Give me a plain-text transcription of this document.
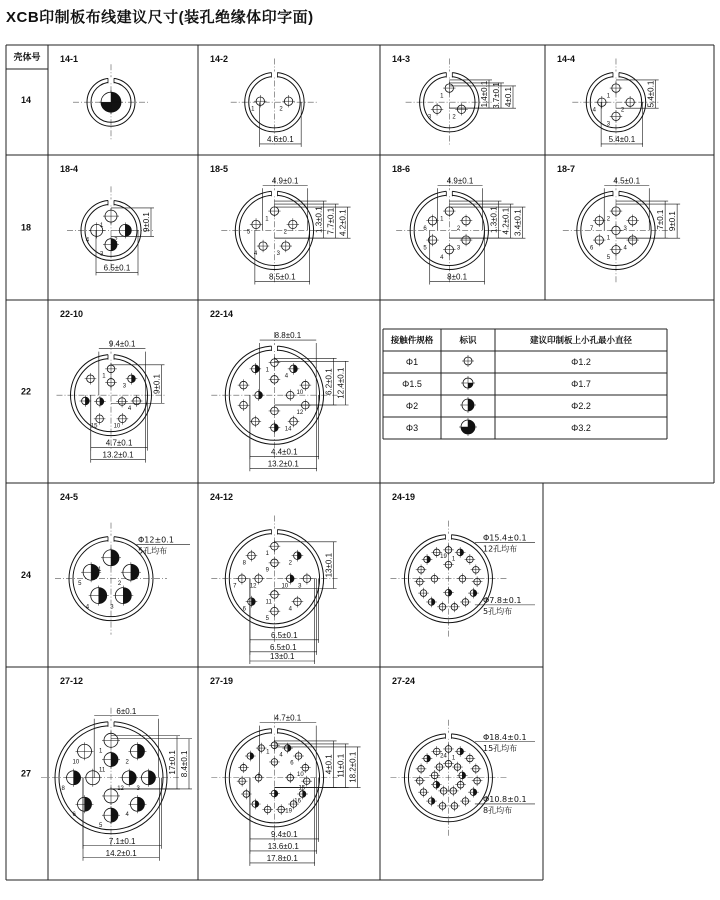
XCB印制板布线建议尺寸(装孔绝缘体印字面)
壳体号
14
14-1	14-2
1	2
4.6±0.1
14-3
1
2
3
1.4±0.1 3.7±0.1 4±0.1
14-4
1
2
3
4
5.4±0.1
5.4±0.1
18
18-4
1
2
3
4
9±0.1
6.5±0.1
18-5
1
2
3
4
5
4.9±0.1
1.3±0.1 7.7±0.1 4.2±0.1
8.5±0.1
18-6
1
2
3
4
5
6
4.9±0.1
1.3±0.1 4.2±0.1 3.4±0.1
8±0.1
18-7
1
2
3
4
5
6
7
4.5±0.1
7±0.1 9±0.1
22
22-10
1
3
4
10
15
9.4±0.1
9±0.1
4.7±0.1
13.2±0.1
22-14
1
4
10
12
14
8.8±0.1
6.2±0.1 12.4±0.1
4.4±0.1
13.2±0.1
24
24-5
1
2
3
4
5
Φ12±0.1
5孔均布
24-12
1
2
3
4
5
6
7
8
9
10
11
12
6.5±0.1
13±0.1
6.5±0.1
13±0.1
24-19
19 1
Φ15.4±0.1
12孔均布
Φ7.8±0.1
5孔均布
27
27-12
1
2
3
4
5
6
8
10
11
12
6±0.1
17±0.1 8.4±0.1
7.1±0.1
14.2±0.1
27-19
1 4
6
10
15
16
19
4.7±0.1
4±0.1 11±0.1 18.2±0.1
9.4±0.1
13.6±0.1
17.8±0.1
27-24
24 1
Φ18.4±0.1
15孔均布
Φ10.8±0.1
8孔均布
接触件规格	标识	建议印制板上小孔最小直径
Φ1	Φ1.2
Φ1.5	Φ1.7
Φ2	Φ2.2
Φ3	Φ3.2
